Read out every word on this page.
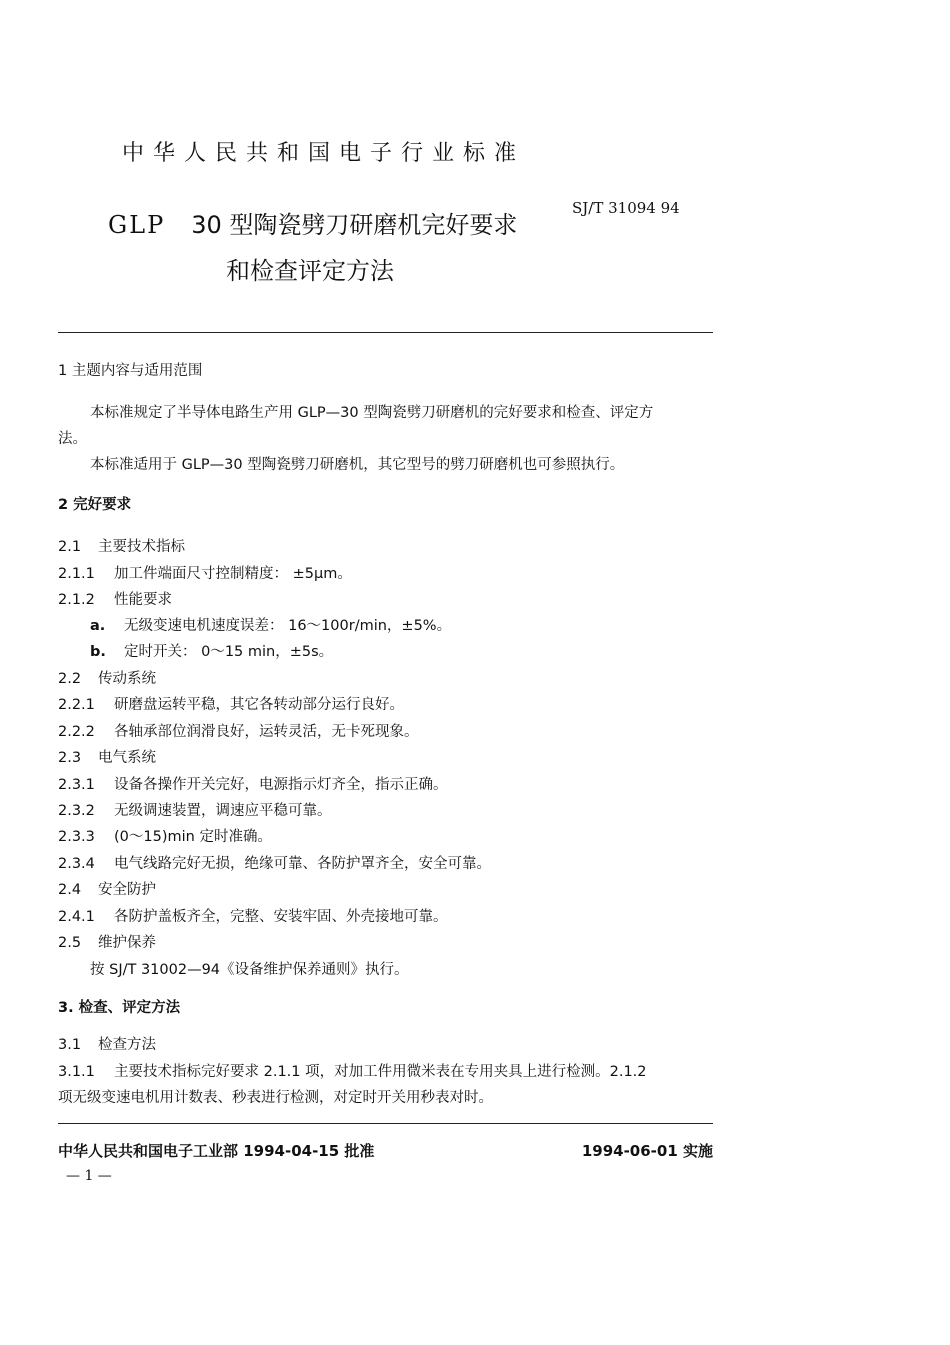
中华人民共和国电子行业标准
GLP 30 型陶瓷劈刀研磨机完好要求
和检查评定方法
SJ/T 31094 94
1 主题内容与适用范围
本标准规定了半导体电路生产用 GLP—30 型陶瓷劈刀研磨机的完好要求和检查、评定方
法。
本标准适用于 GLP—30 型陶瓷劈刀研磨机，其它型号的劈刀研磨机也可参照执行。
2 完好要求
2.1 主要技术指标
2.1.1 加工件端面尺寸控制精度： ±5μm。
2.1.2 性能要求
a. 无级变速电机速度误差： 16～100r/min，±5%。
b. 定时开关： 0～15 min，±5s。
2.2 传动系统
2.2.1 研磨盘运转平稳，其它各转动部分运行良好。
2.2.2 各轴承部位润滑良好，运转灵活，无卡死现象。
2.3 电气系统
2.3.1 设备各操作开关完好，电源指示灯齐全，指示正确。
2.3.2 无级调速装置，调速应平稳可靠。
2.3.3 (0～15)min 定时准确。
2.3.4 电气线路完好无损，绝缘可靠、各防护罩齐全，安全可靠。
2.4 安全防护
2.4.1 各防护盖板齐全，完整、安装牢固、外壳接地可靠。
2.5 维护保养
按 SJ/T 31002—94《设备维护保养通则》执行。
3. 检查、评定方法
3.1 检查方法
3.1.1 主要技术指标完好要求 2.1.1 项，对加工件用微米表在专用夹具上进行检测。2.1.2
项无级变速电机用计数表、秒表进行检测，对定时开关用秒表对时。
中华人民共和国电子工业部 1994-04-15 批准	1994-06-01 实施
— 1 —
